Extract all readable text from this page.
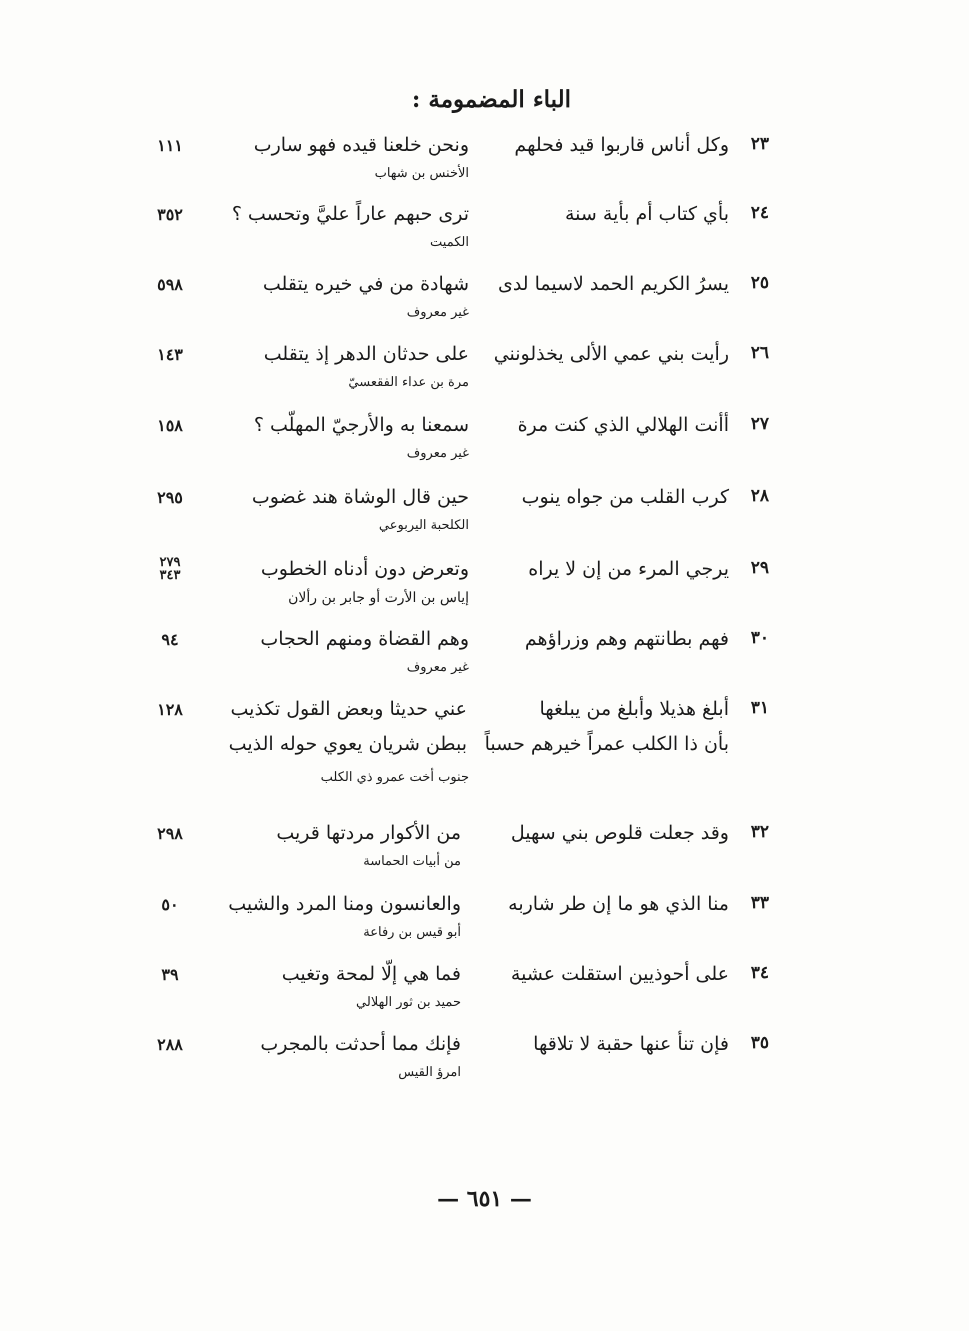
الباء المضمومة :
٢٣
وكل أناس قاربوا قيد فحلهم
ونحن خلعنا قيده فهو سارب
الأخنس بن شهاب
١١١
٢٤
بأي كتاب أم بأية سنة
ترى حبهم عاراً عليَّ وتحسب ؟
الكميت
٣٥٢
٢٥
يسرُ الكريم الحمد لاسيما لدى
شهادة من في خيره يتقلب
غير معروف
٥٩٨
٢٦
رأيت بني عمي الألى يخذلونني
على حدثان الدهر إذ يتقلب
مرة بن عداء الفقعسيّ
١٤٣
٢٧
أأنت الهلالي الذي كنت مرة
سمعنا به والأرجيّ المهلّب ؟
غير معروف
١٥٨
٢٨
كرب القلب من جواه ينوب
حين قال الوشاة هند غضوب
الكلحبة اليربوعي
٢٩٥
٢٩
يرجي المرء من إن لا يراه
وتعرض دون أدناه الخطوب
إياس بن الأرت أو جابر بن رألان
٢٧٩
٣٤٣
٣٠
فهم بطانتهم وهم وزراؤهم
وهم القضاة ومنهم الحجاب
غير معروف
٩٤
٣١
أبلغ هذيلا وأبلغ من يبلغها
بأن ذا الكلب عمراً خيرهم حسباً
عني حديثا وبعض القول تكذيب
ببطن شريان يعوي حوله الذيب
جنوب أخت عمرو ذي الكلب
١٢٨
٣٢
وقد جعلت قلوص بني سهيل
من الأكوار مردتها قريب
من أبيات الحماسة
٢٩٨
٣٣
منا الذي هو ما إن طر شاربه
والعانسون ومنا المرد والشيب
أبو قيس بن رفاعة
٥٠
٣٤
على أحوذيين استقلت عشية
فما هي إلّا لمحة وتغيب
حميد بن ثور الهلالي
٣٩
٣٥
فإن تنأ عنها حقبة لا تلاقها
فإنك مما أحدثت بالمجرب
امرؤ القيس
٢٨٨
— ٦٥١ —
